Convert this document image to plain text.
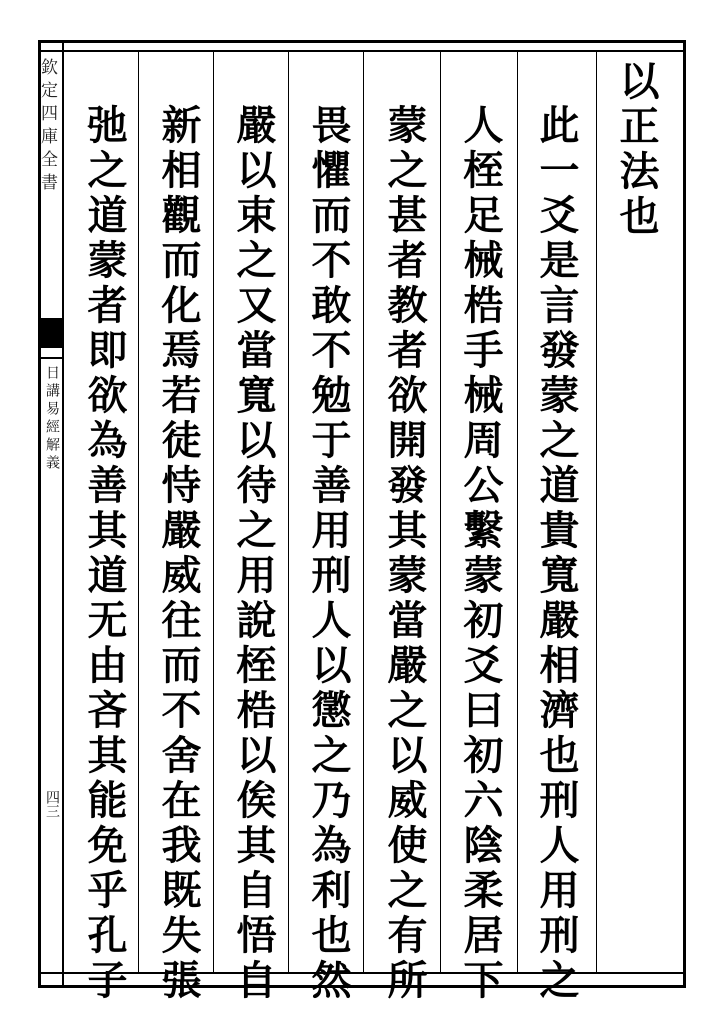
欽定四庫全書
日講易經解義
四三
以正法也
此一爻是言發蒙之道貴寬嚴相濟也刑人用刑之
人桎足械梏手械周公繫蒙初爻曰初六陰柔居下
蒙之甚者教者欲開發其蒙當嚴之以威使之有所
畏懼而不敢不勉于善用刑人以懲之乃為利也然
嚴以束之又當寬以待之用說桎梏以俟其自悟自
新相觀而化焉若徒恃嚴威往而不舍在我既失張
弛之道蒙者即欲為善其道无由吝其能免乎孔子
